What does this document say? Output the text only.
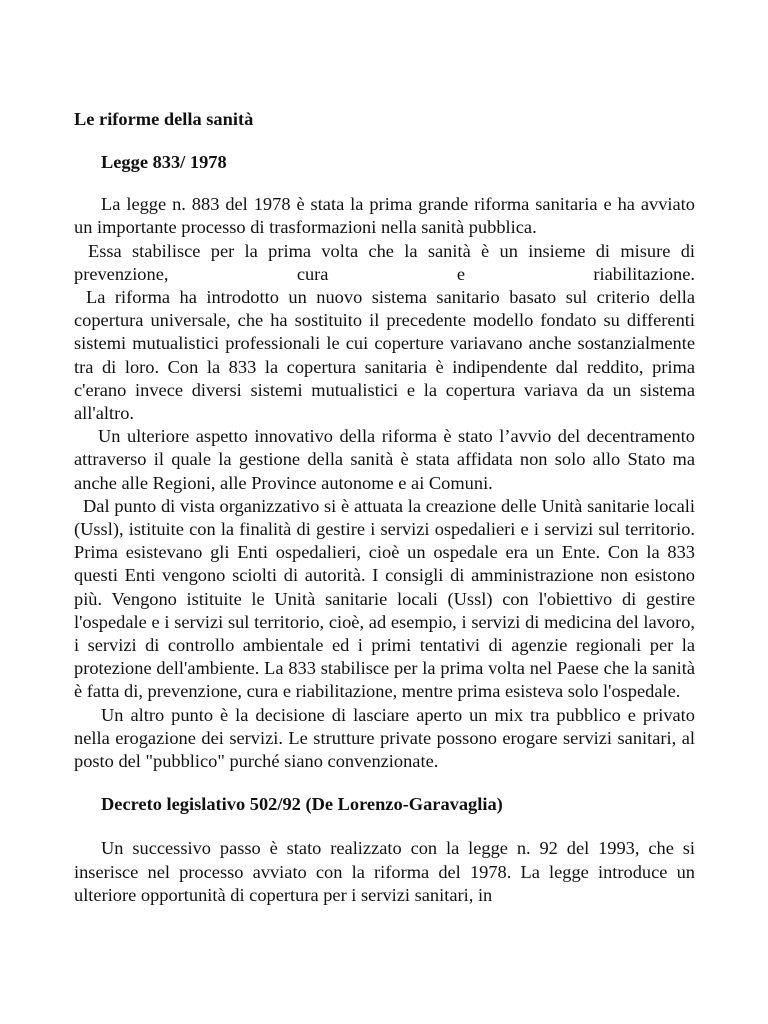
Le riforme della sanità

Legge 833/ 1978

La legge n. 883 del 1978 è stata la prima grande riforma sanitaria e ha avviato un importante processo di trasformazioni nella sanità pubblica.

Essa stabilisce per la prima volta che la sanità è un insieme di misure di prevenzione, cura e riabilitazione.

La riforma ha introdotto un nuovo sistema sanitario basato sul criterio della copertura universale, che ha sostituito il precedente modello fondato su differenti sistemi mutualistici professionali le cui coperture variavano anche sostanzialmente tra di loro. Con la 833 la copertura sanitaria è indipendente dal reddito, prima c'erano invece diversi sistemi mutualistici e la copertura variava da un sistema all'altro.

Un ulteriore aspetto innovativo della riforma è stato l’avvio del decentramento attraverso il quale la gestione della sanità è stata affidata non solo allo Stato ma anche alle Regioni, alle Province autonome e ai Comuni.

Dal punto di vista organizzativo si è attuata la creazione delle Unità sanitarie locali (Ussl), istituite con la finalità di gestire i servizi ospedalieri e i servizi sul territorio. Prima esistevano gli Enti ospedalieri, cioè un ospedale era un Ente. Con la 833 questi Enti vengono sciolti di autorità. I consigli di amministrazione non esistono più. Vengono istituite le Unità sanitarie locali (Ussl) con l'obiettivo di gestire l'ospedale e i servizi sul territorio, cioè, ad esempio, i servizi di medicina del lavoro, i servizi di controllo ambientale ed i primi tentativi di agenzie regionali per la protezione dell'ambiente. La 833 stabilisce per la prima volta nel Paese che la sanità è fatta di, prevenzione, cura e riabilitazione, mentre prima esisteva solo l'ospedale.

Un altro punto è la decisione di lasciare aperto un mix tra pubblico e privato nella erogazione dei servizi. Le strutture private possono erogare servizi sanitari, al posto del "pubblico" purché siano convenzionate.

Decreto legislativo 502/92 (De Lorenzo-Garavaglia)

Un successivo passo è stato realizzato con la legge n. 92 del 1993, che si inserisce nel processo avviato con la riforma del 1978. La legge introduce un ulteriore opportunità di copertura per i servizi sanitari, in
